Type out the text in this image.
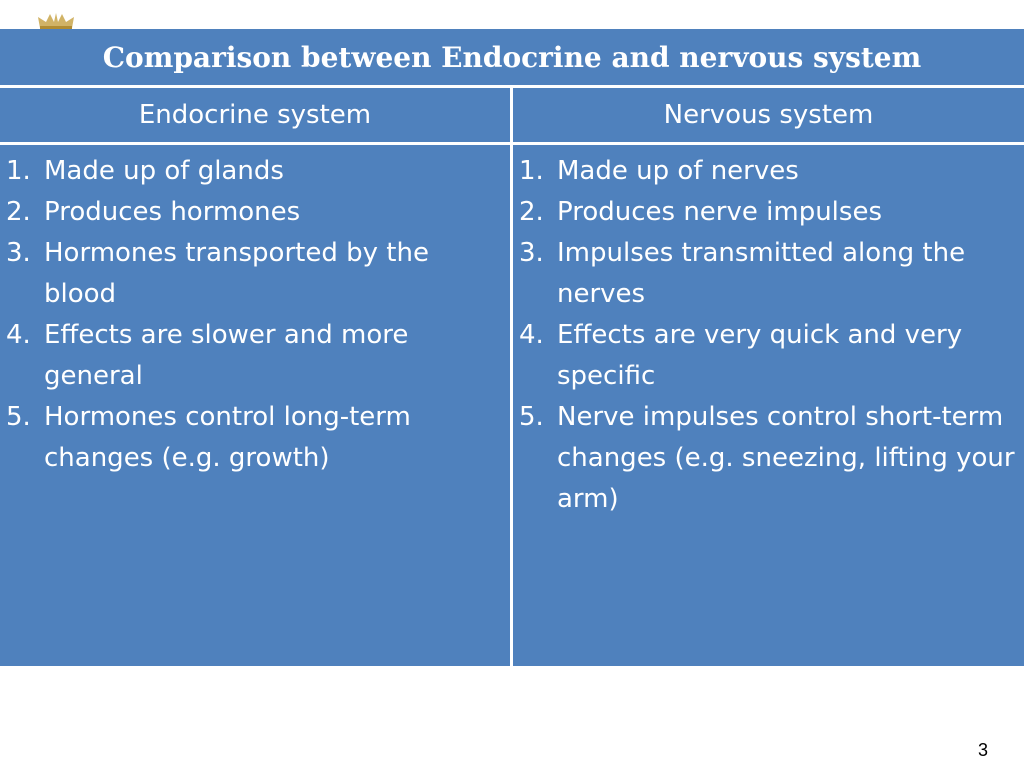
Comparison between Endocrine and nervous system
Endocrine system	Nervous system
1. Made up of glands
2. Produces hormones
3. Hormones transported by the blood
4. Effects are slower and more general
5. Hormones control long-term changes (e.g. growth)
1. Made up of nerves
2. Produces nerve impulses
3. Impulses transmitted along the nerves
4. Effects are very quick and very specific
5. Nerve impulses control short-term changes (e.g. sneezing, lifting your arm)
3
